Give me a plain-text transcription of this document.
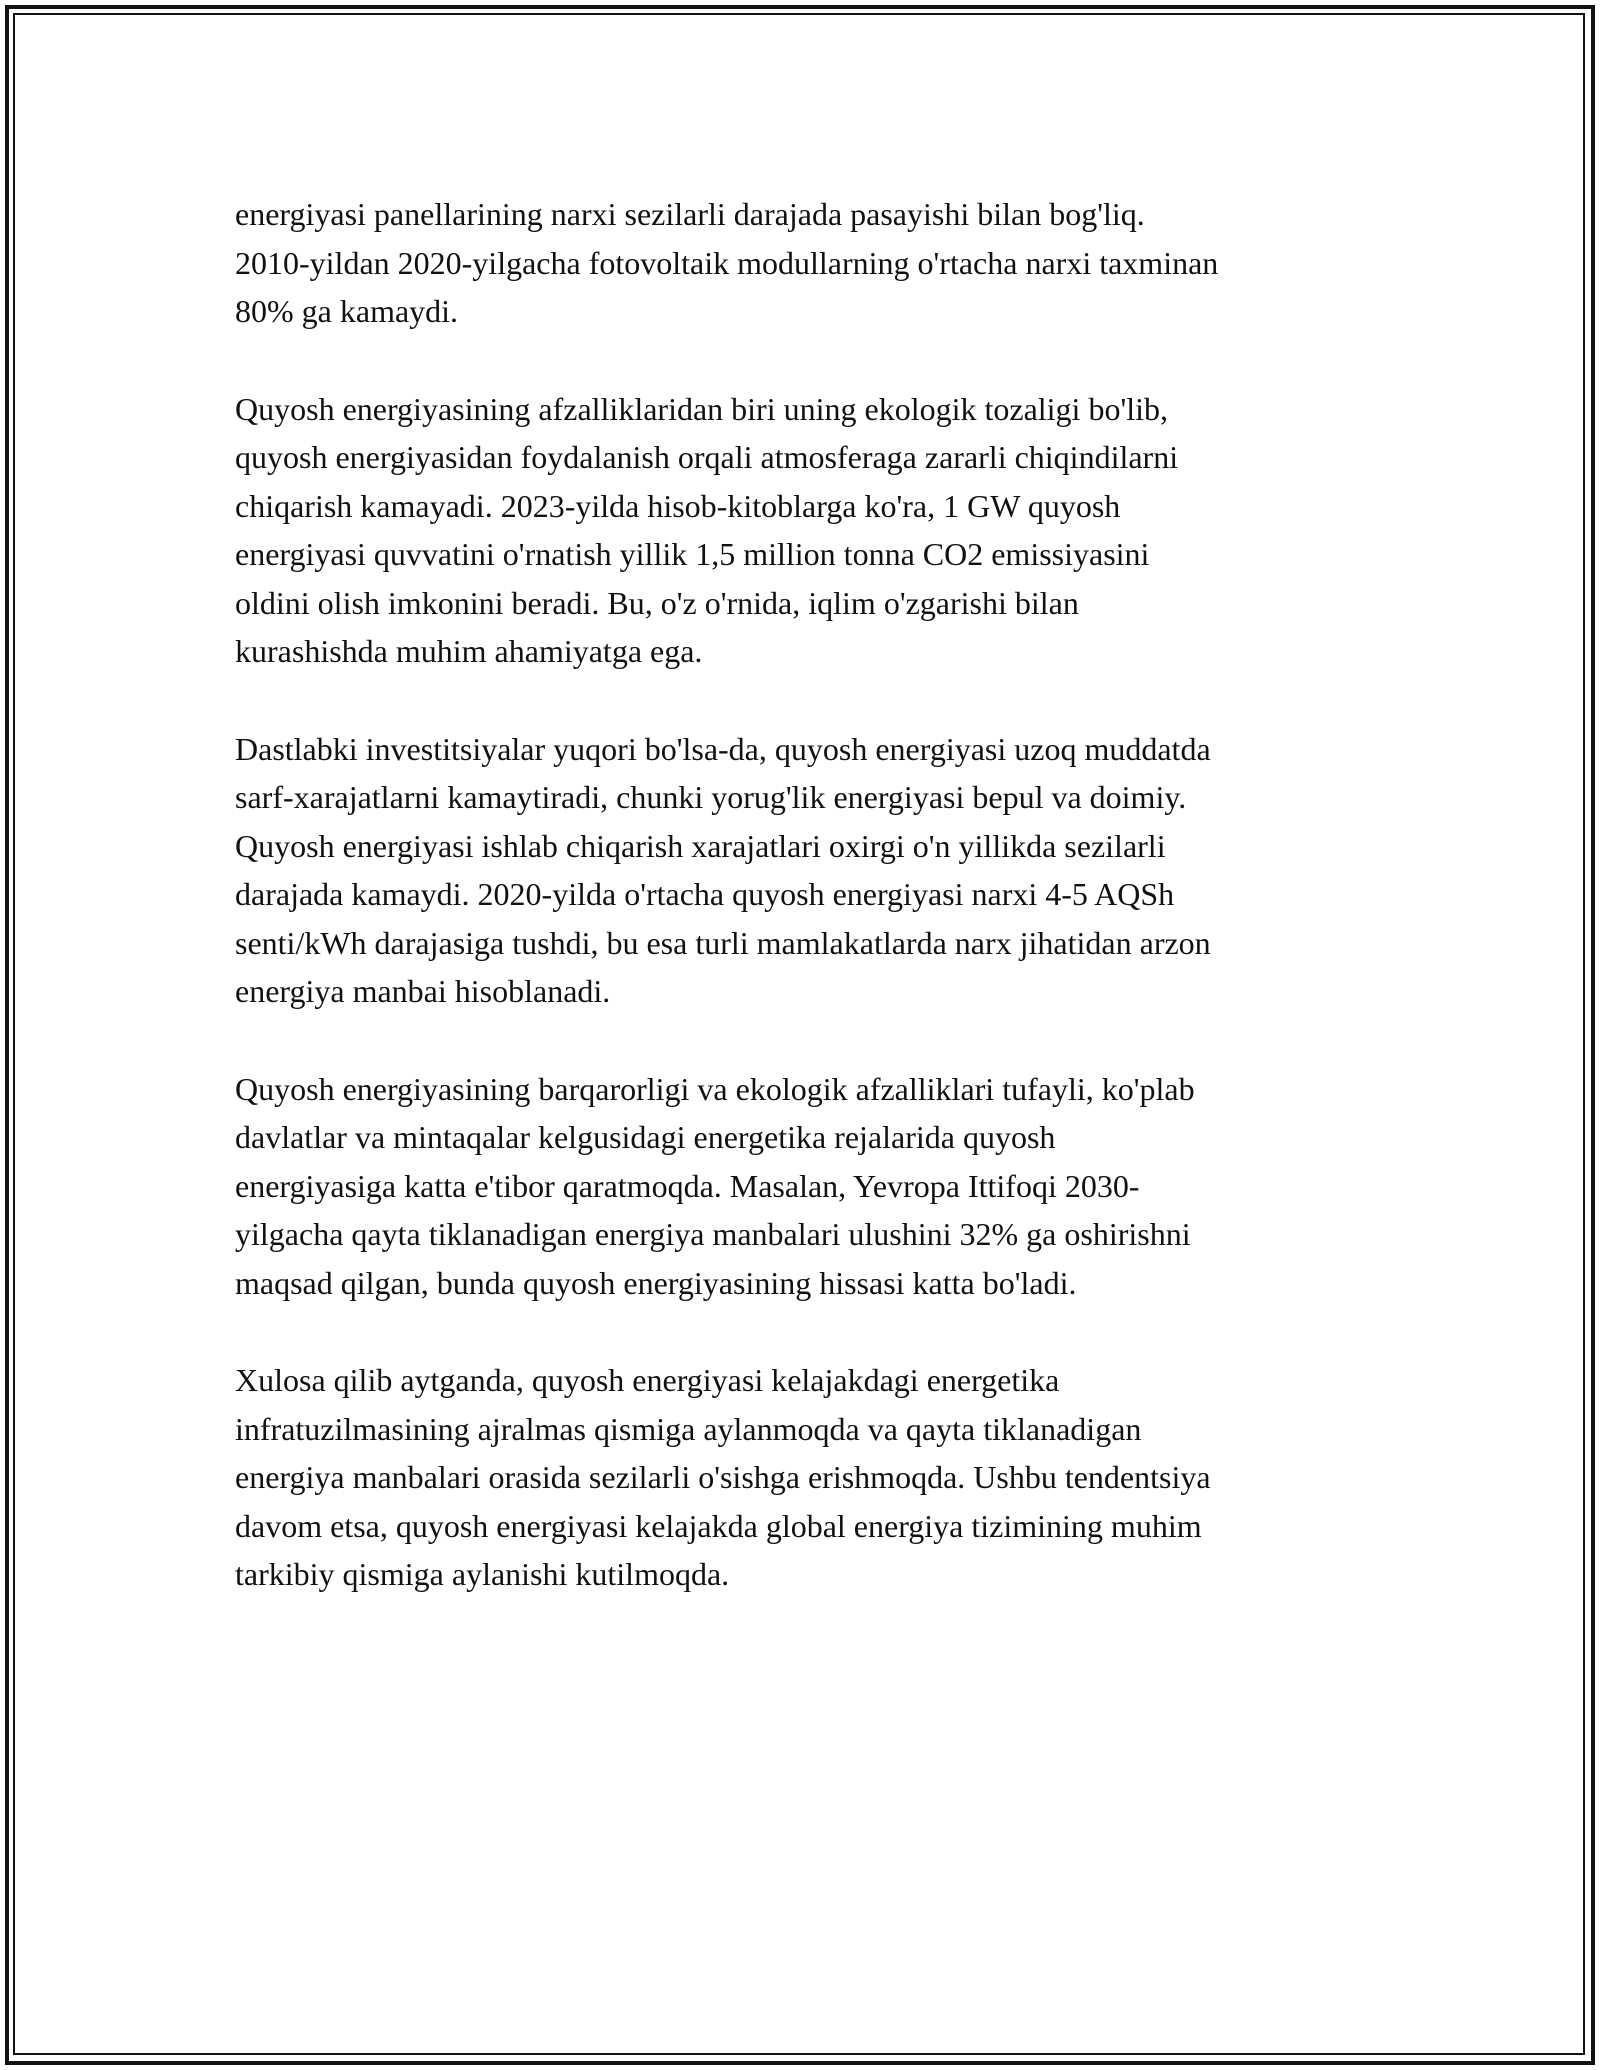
energiyasi panellarining narxi sezilarli darajada pasayishi bilan bog'liq.
2010-yildan 2020-yilgacha fotovoltaik modullarning o'rtacha narxi taxminan
80% ga kamaydi.

Quyosh energiyasining afzalliklaridan biri uning ekologik tozaligi bo'lib,
quyosh energiyasidan foydalanish orqali atmosferaga zararli chiqindilarni
chiqarish kamayadi. 2023-yilda hisob-kitoblarga ko'ra, 1 GW quyosh
energiyasi quvvatini o'rnatish yillik 1,5 million tonna CO2 emissiyasini
oldini olish imkonini beradi. Bu, o'z o'rnida, iqlim o'zgarishi bilan
kurashishda muhim ahamiyatga ega.

Dastlabki investitsiyalar yuqori bo'lsa-da, quyosh energiyasi uzoq muddatda
sarf-xarajatlarni kamaytiradi, chunki yorug'lik energiyasi bepul va doimiy.
Quyosh energiyasi ishlab chiqarish xarajatlari oxirgi o'n yillikda sezilarli
darajada kamaydi. 2020-yilda o'rtacha quyosh energiyasi narxi 4-5 AQSh
senti/kWh darajasiga tushdi, bu esa turli mamlakatlarda narx jihatidan arzon
energiya manbai hisoblanadi.

Quyosh energiyasining barqarorligi va ekologik afzalliklari tufayli, ko'plab
davlatlar va mintaqalar kelgusidagi energetika rejalarida quyosh
energiyasiga katta e'tibor qaratmoqda. Masalan, Yevropa Ittifoqi 2030-
yilgacha qayta tiklanadigan energiya manbalari ulushini 32% ga oshirishni
maqsad qilgan, bunda quyosh energiyasining hissasi katta bo'ladi.

Xulosa qilib aytganda, quyosh energiyasi kelajakdagi energetika
infratuzilmasining ajralmas qismiga aylanmoqda va qayta tiklanadigan
energiya manbalari orasida sezilarli o'sishga erishmoqda. Ushbu tendentsiya
davom etsa, quyosh energiyasi kelajakda global energiya tizimining muhim
tarkibiy qismiga aylanishi kutilmoqda.
